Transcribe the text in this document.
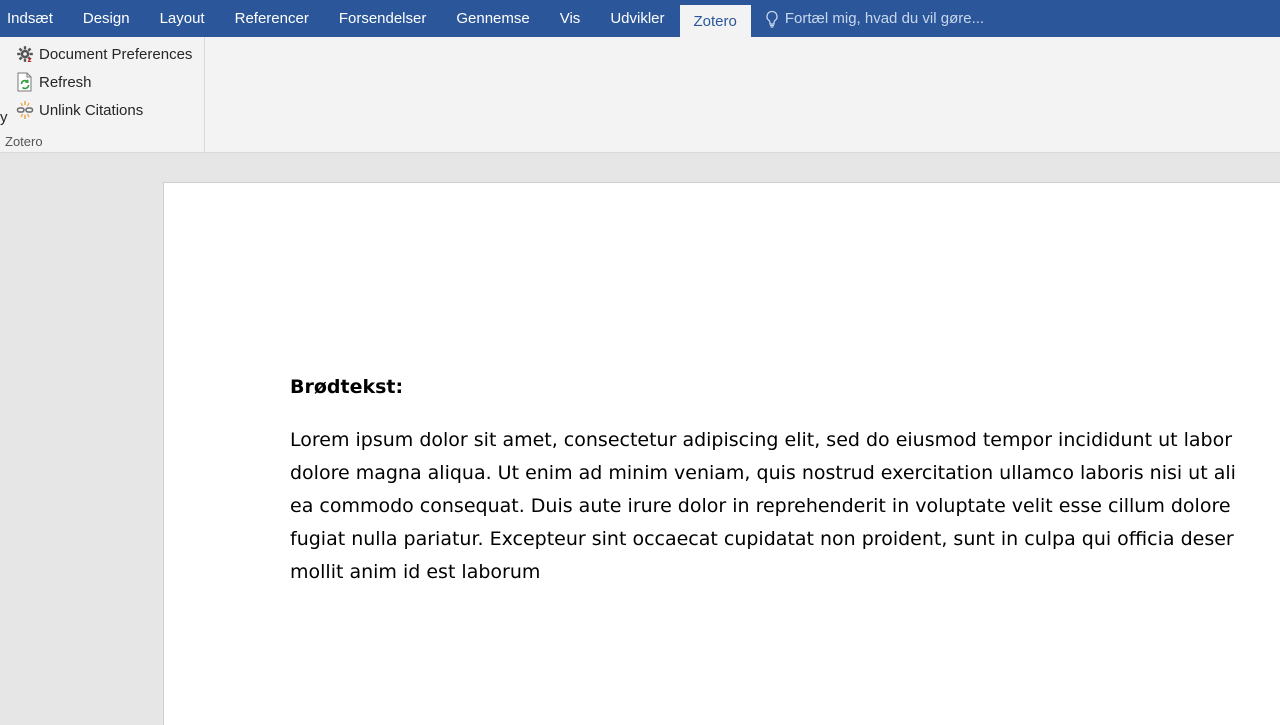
Indsæt	Design	Layout	Referencer	Forsendelser	Gennemse	Vis	Udvikler	Zotero	Fortæl mig, hvad du vil gøre...
z Document Preferences
Refresh
Unlink Citations
y
Zotero
Brødtekst:
Lorem ipsum dolor sit amet, consectetur adipiscing elit, sed do eiusmod tempor incididunt ut labor
dolore magna aliqua. Ut enim ad minim veniam, quis nostrud exercitation ullamco laboris nisi ut ali
ea commodo consequat. Duis aute irure dolor in reprehenderit in voluptate velit esse cillum dolore
fugiat nulla pariatur. Excepteur sint occaecat cupidatat non proident, sunt in culpa qui officia deser
mollit anim id est laborum
